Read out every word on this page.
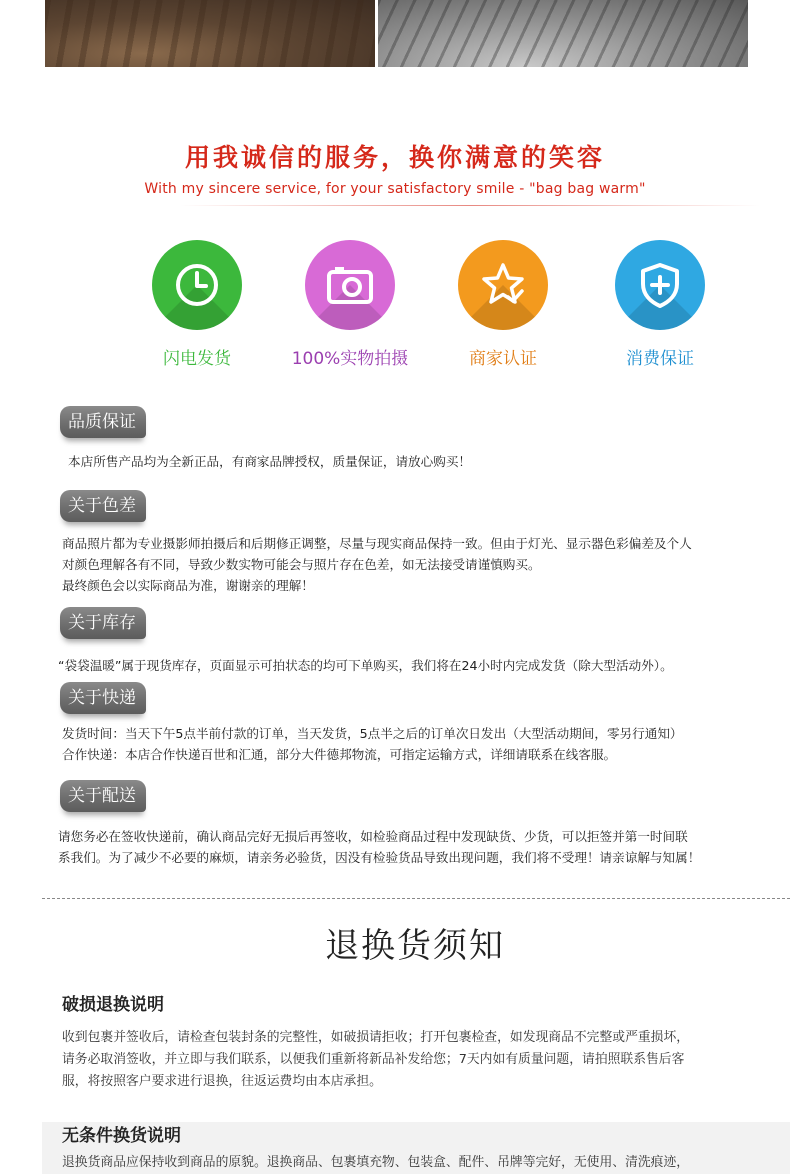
用我诚信的服务，换你满意的笑容
With my sincere service, for your satisfactory smile - "bag bag warm"
闪电发货	100%实物拍摄	商家认证	消费保证
品质保证
本店所售产品均为全新正品，有商家品牌授权，质量保证，请放心购买！
关于色差
商品照片都为专业摄影师拍摄后和后期修正调整，尽量与现实商品保持一致。但由于灯光、显示器色彩偏差及个人
对颜色理解各有不同，导致少数实物可能会与照片存在色差，如无法接受请谨慎购买。
最终颜色会以实际商品为准，谢谢亲的理解！
关于库存
“袋袋温暖”属于现货库存，页面显示可拍状态的均可下单购买，我们将在24小时内完成发货（除大型活动外）。
关于快递
发货时间：当天下午5点半前付款的订单，当天发货，5点半之后的订单次日发出（大型活动期间，零另行通知）
合作快递：本店合作快递百世和汇通，部分大件德邦物流，可指定运输方式，详细请联系在线客服。
关于配送
请您务必在签收快递前，确认商品完好无损后再签收，如检验商品过程中发现缺货、少货，可以拒签并第一时间联
系我们。为了减少不必要的麻烦，请亲务必验货，因没有检验货品导致出现问题，我们将不受理！请亲谅解与知属！
退换货须知
破损退换说明
收到包裹并签收后，请检查包装封条的完整性，如破损请拒收；打开包裹检查，如发现商品不完整或严重损坏，
请务必取消签收，并立即与我们联系，以便我们重新将新品补发给您；7天内如有质量问题，请拍照联系售后客
服，将按照客户要求进行退换，往返运费均由本店承担。
无条件换货说明
退换货商品应保持收到商品的原貌。退换商品、包裹填充物、包装盒、配件、吊牌等完好，无使用、清洗痕迹，
